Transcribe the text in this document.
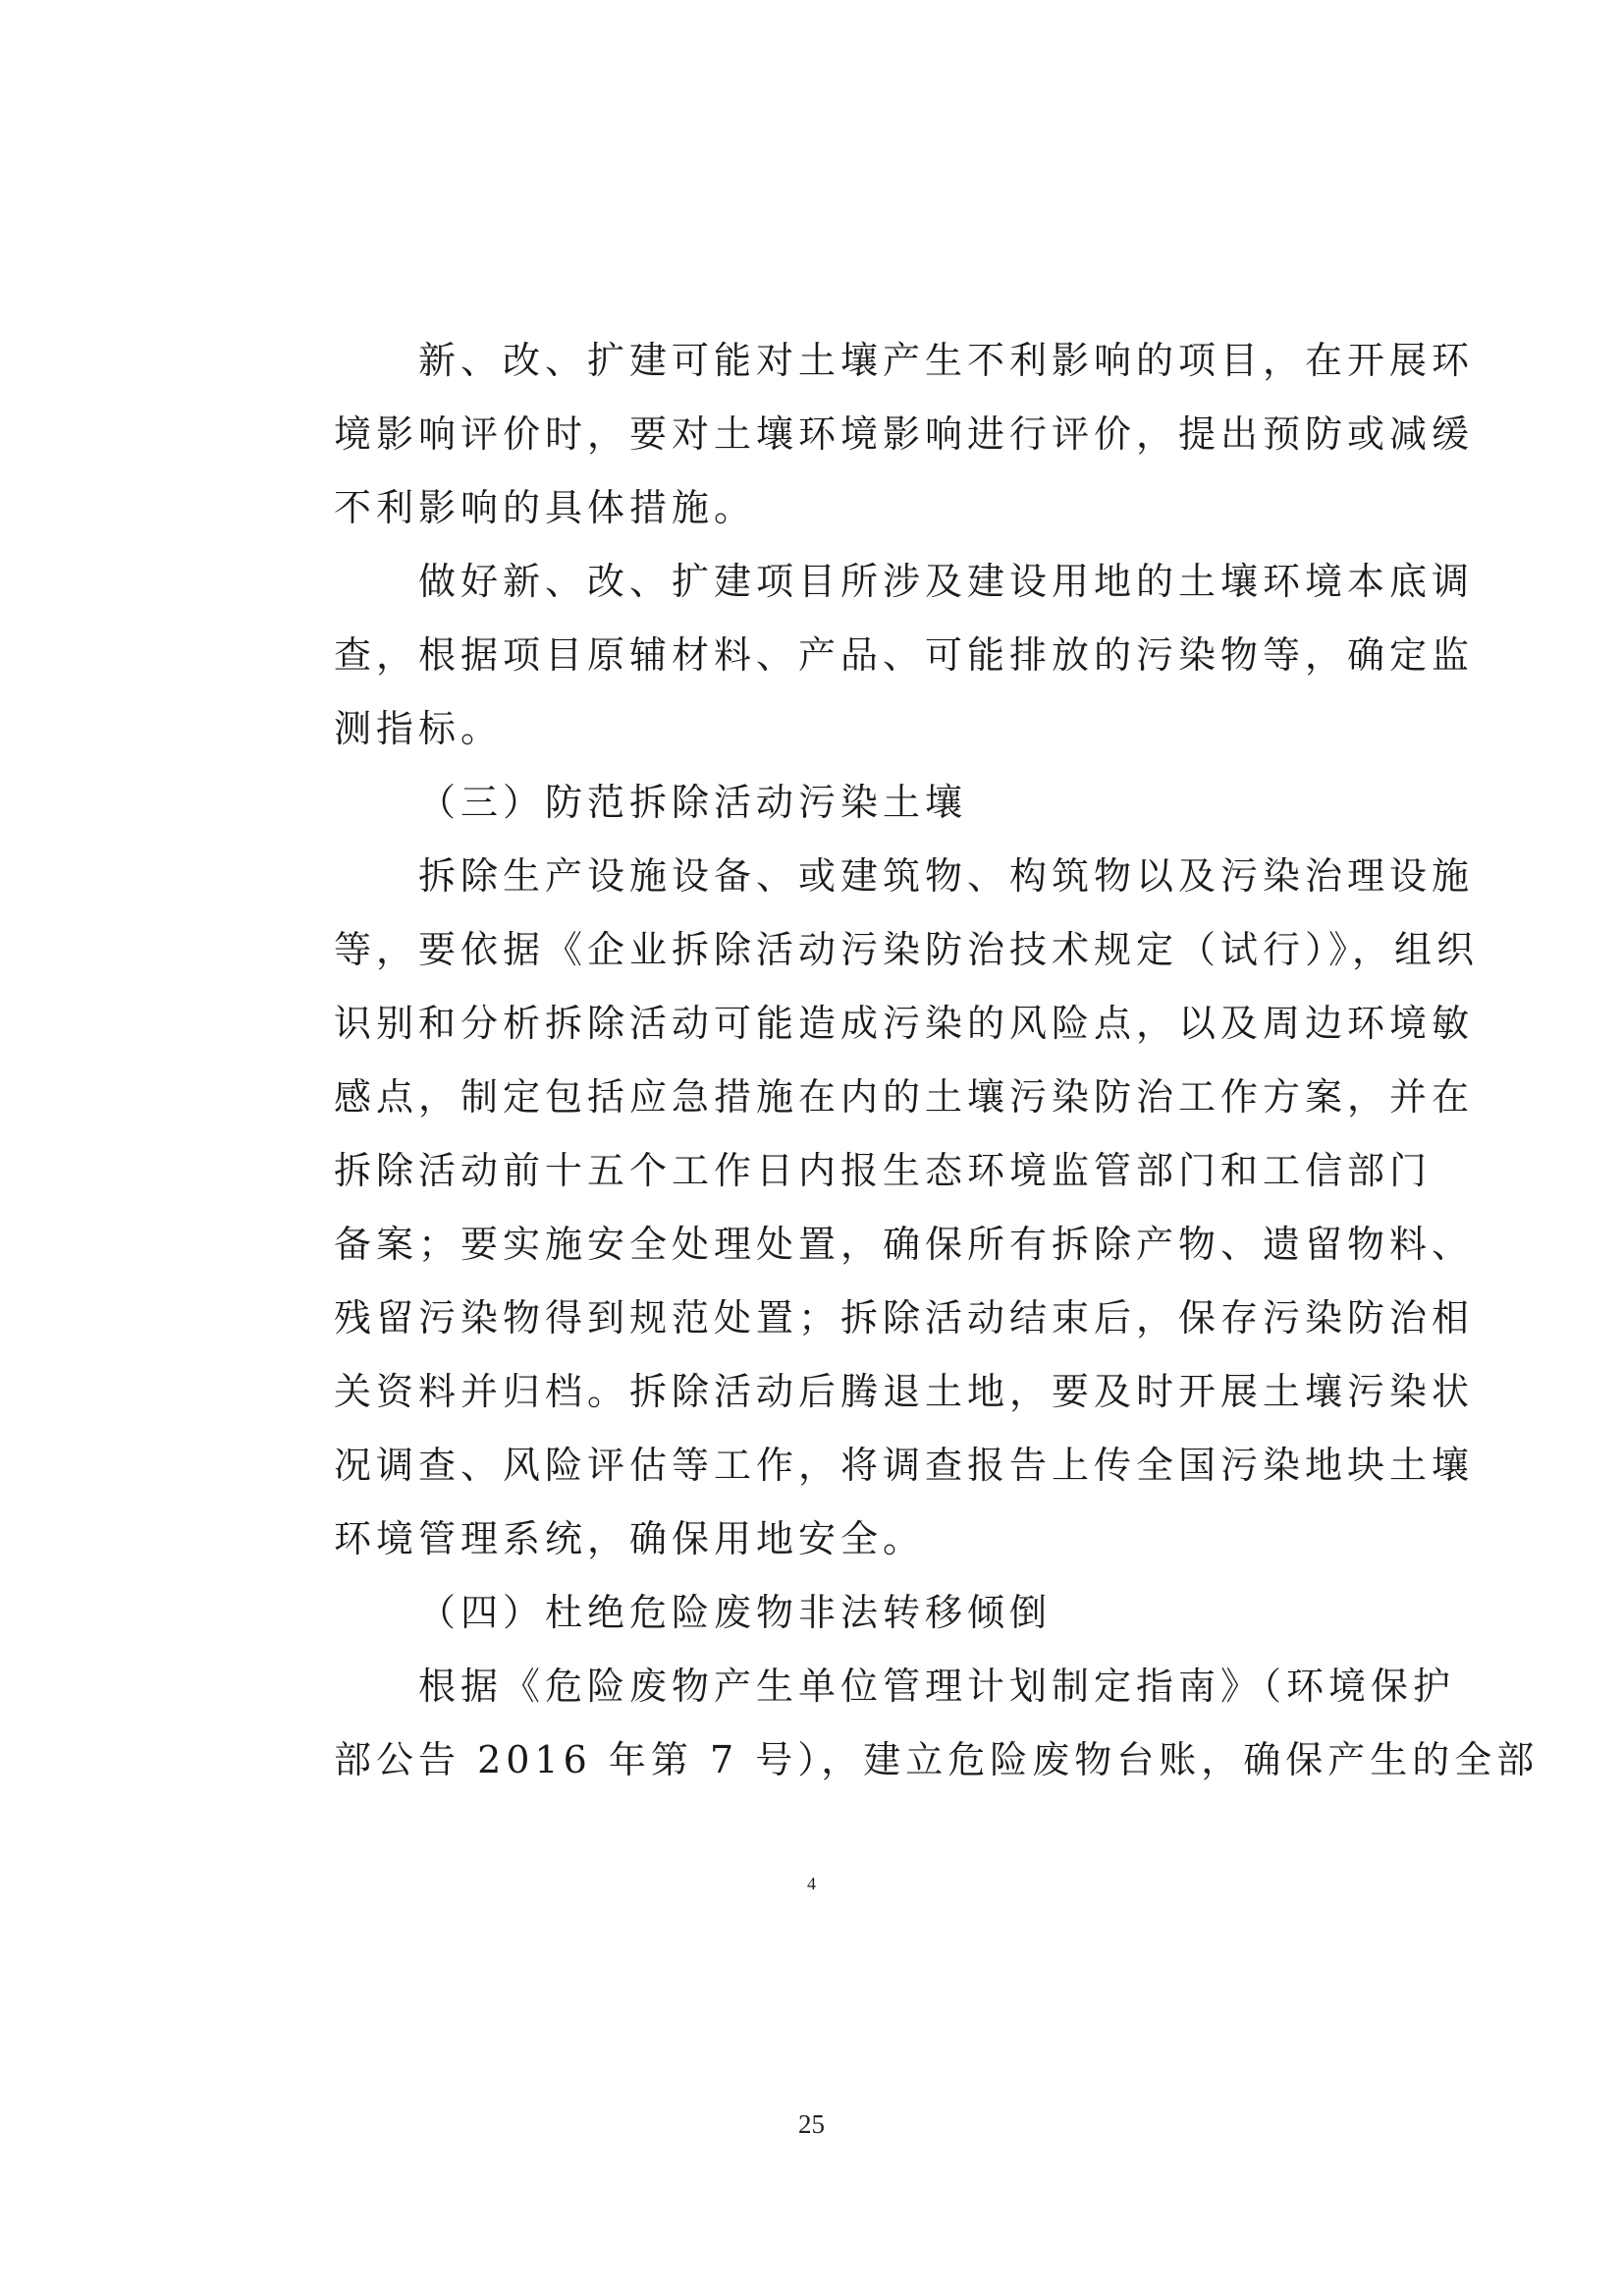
新、改、扩建可能对土壤产生不利影响的项目，在开展环
境影响评价时，要对土壤环境影响进行评价，提出预防或减缓
不利影响的具体措施。
做好新、改、扩建项目所涉及建设用地的土壤环境本底调
查，根据项目原辅材料、产品、可能排放的污染物等，确定监
测指标。
（三）防范拆除活动污染土壤
拆除生产设施设备、或建筑物、构筑物以及污染治理设施
等，要依据《企业拆除活动污染防治技术规定（试行）》，组织
识别和分析拆除活动可能造成污染的风险点，以及周边环境敏
感点，制定包括应急措施在内的土壤污染防治工作方案，并在
拆除活动前十五个工作日内报生态环境监管部门和工信部门
备案；要实施安全处理处置，确保所有拆除产物、遗留物料、
残留污染物得到规范处置；拆除活动结束后，保存污染防治相
关资料并归档。拆除活动后腾退土地，要及时开展土壤污染状
况调查、风险评估等工作，将调查报告上传全国污染地块土壤
环境管理系统，确保用地安全。
（四）杜绝危险废物非法转移倾倒
根据《危险废物产生单位管理计划制定指南》（环境保护
部公告 2016 年第 7 号），建立危险废物台账，确保产生的全部
4
25
